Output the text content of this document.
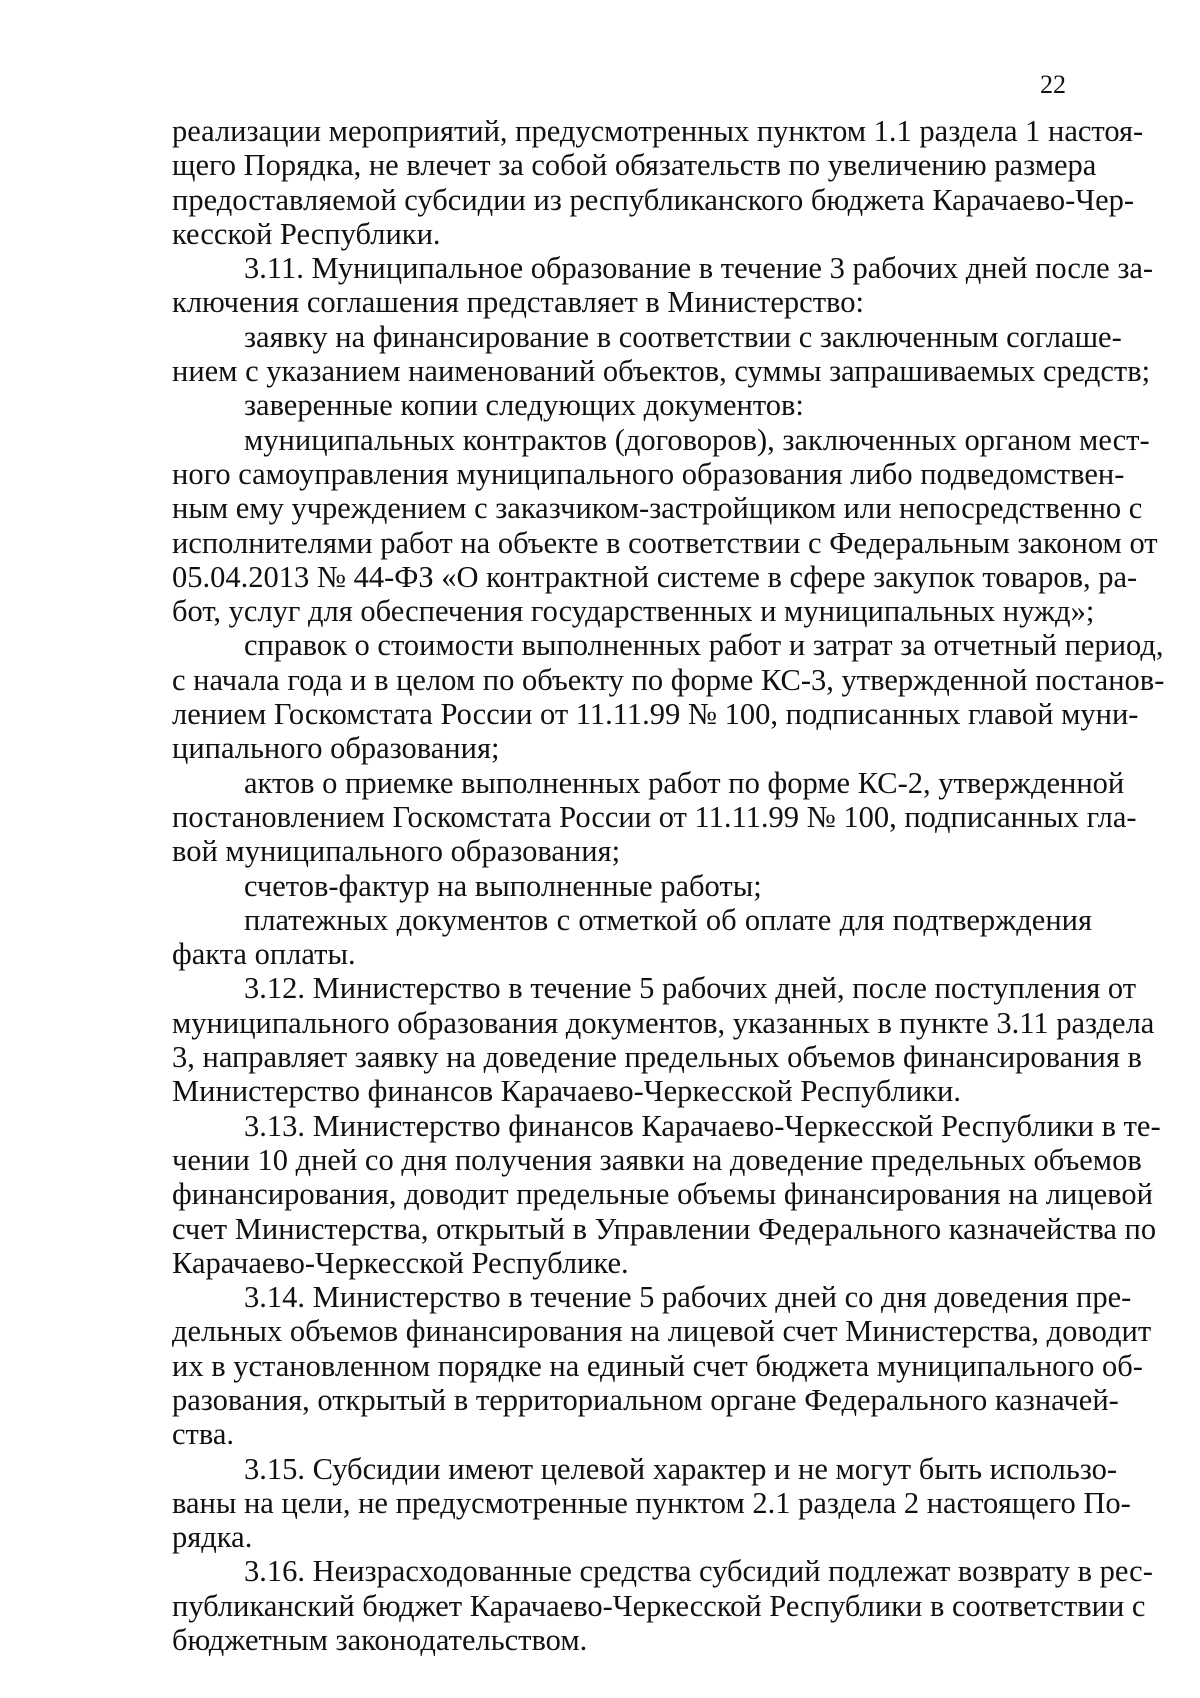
22
реализации мероприятий, предусмотренных пунктом 1.1 раздела 1 настоя-
щего Порядка, не влечет за собой обязательств по увеличению размера
предоставляемой субсидии из республиканского бюджета Карачаево-Чер-
кесской Республики.
3.11. Муниципальное образование в течение 3 рабочих дней после за-
ключения соглашения представляет в Министерство:
заявку на финансирование в соответствии с заключенным соглаше-
нием с указанием наименований объектов, суммы запрашиваемых средств;
заверенные копии следующих документов:
муниципальных контрактов (договоров), заключенных органом мест-
ного самоуправления муниципального образования либо подведомствен-
ным ему учреждением с заказчиком-застройщиком или непосредственно с
исполнителями работ на объекте в соответствии с Федеральным законом от
05.04.2013 № 44-ФЗ «О контрактной системе в сфере закупок товаров, ра-
бот, услуг для обеспечения государственных и муниципальных нужд»;
справок о стоимости выполненных работ и затрат за отчетный период,
с начала года и в целом по объекту по форме КС-3, утвержденной постанов-
лением Госкомстата России от 11.11.99 № 100, подписанных главой муни-
ципального образования;
актов о приемке выполненных работ по форме КС-2, утвержденной
постановлением Госкомстата России от 11.11.99 № 100, подписанных гла-
вой муниципального образования;
счетов-фактур на выполненные работы;
платежных документов с отметкой об оплате для подтверждения
факта оплаты.
3.12. Министерство в течение 5 рабочих дней, после поступления от
муниципального образования документов, указанных в пункте 3.11 раздела
3, направляет заявку на доведение предельных объемов финансирования в
Министерство финансов Карачаево-Черкесской Республики.
3.13. Министерство финансов Карачаево-Черкесской Республики в те-
чении 10 дней со дня получения заявки на доведение предельных объемов
финансирования, доводит предельные объемы финансирования на лицевой
счет Министерства, открытый в Управлении Федерального казначейства по
Карачаево-Черкесской Республике.
3.14. Министерство в течение 5 рабочих дней со дня доведения пре-
дельных объемов финансирования на лицевой счет Министерства, доводит
их в установленном порядке на единый счет бюджета муниципального об-
разования, открытый в территориальном органе Федерального казначей-
ства.
3.15. Субсидии имеют целевой характер и не могут быть использо-
ваны на цели, не предусмотренные пунктом 2.1 раздела 2 настоящего По-
рядка.
3.16. Неизрасходованные средства субсидий подлежат возврату в рес-
публиканский бюджет Карачаево-Черкесской Республики в соответствии с
бюджетным законодательством.
